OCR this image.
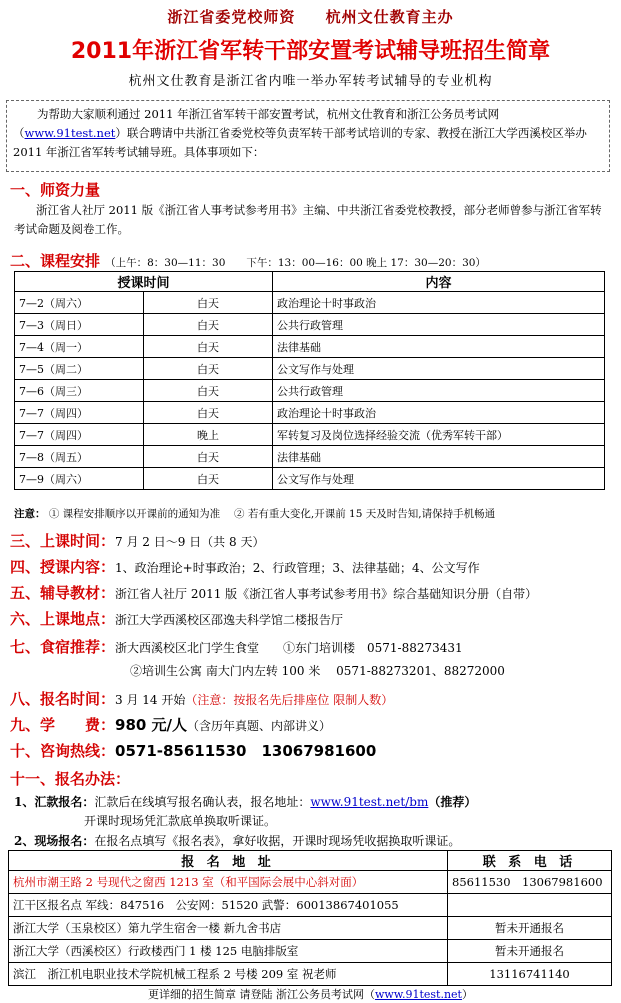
浙江省委党校师资 杭州文仕教育主办
2011年浙江省军转干部安置考试辅导班招生简章
杭州文仕教育是浙江省内唯一举办军转考试辅导的专业机构
为帮助大家顺利通过 2011 年浙江省军转干部安置考试，杭州文仕教育和浙江公务员考试网（www.91test.net）联合聘请中共浙江省委党校等负责军转干部考试培训的专家、教授在浙江大学西溪校区举办 2011 年浙江省军转考试辅导班。具体事项如下：
一、师资力量
浙江省人社厅 2011 版《浙江省人事考试参考用书》主编、中共浙江省委党校教授，部分老师曾参与浙江省军转考试命题及阅卷工作。
二、课程安排 （上午：8：30—11：30　　下午：13：00—16：00 晚上 17：30—20：30）
授课时间		内容
7—2（周六）	白天	政治理论十时事政治
7—3（周日）	白天	公共行政管理
7—4（周一）	白天	法律基础
7—5（周二）	白天	公文写作与处理
7—6（周三）	白天	公共行政管理
7—7（周四）	白天	政治理论十时事政治
7—7（周四）	晚上	军转复习及岗位选择经验交流（优秀军转干部）
7—8（周五）	白天	法律基础
7—9（周六）	白天	公文写作与处理
注意： ① 课程安排顺序以开课前的通知为准　 ② 若有重大变化,开课前 15 天及时告知,请保持手机畅通
三、上课时间：7 月 2 日～9 日（共 8 天）
四、授课内容：1、政治理论+时事政治；2、行政管理；3、法律基础；4、公文写作
五、辅导教材：浙江省人社厅 2011 版《浙江省人事考试参考用书》综合基础知识分册（自带）
六、上课地点：浙江大学西溪校区邵逸夫科学馆二楼报告厅
七、食宿推荐：浙大西溪校区北门学生食堂　　①东门培训楼　0571-88273431
②培训生公寓 南大门内左转 100 米　 0571-88273201、88272000
八、报名时间：3 月 14 开始（注意：按报名先后排座位 限制人数）
九、学　　费：980 元/人（含历年真题、内部讲义）
十、咨询热线：0571-85611530　13067981600
十一、报名办法：
1、汇款报名：汇款后在线填写报名确认表，报名地址：www.91test.net/bm（推荐）
开课时现场凭汇款底单换取听课证。
2、现场报名：在报名点填写《报名表》，拿好收据，开课时现场凭收据换取听课证。
报 名 地 址	联 系 电 话
杭州市潮王路 2 号现代之窗西 1213 室（和平国际会展中心斜对面）	85611530　13067981600
江干区报名点 军线：847516　公安网：51520 武警：60013867401055	
浙江大学（玉泉校区）第九学生宿舍一楼 新九舍书店	暂未开通报名
浙江大学（西溪校区）行政楼西门 1 楼 125 电脑排版室	暂未开通报名
滨江　浙江机电职业技术学院机械工程系 2 号楼 209 室 祝老师	13116741140
更详细的招生简章 请登陆 浙江公务员考试网（www.91test.net）
